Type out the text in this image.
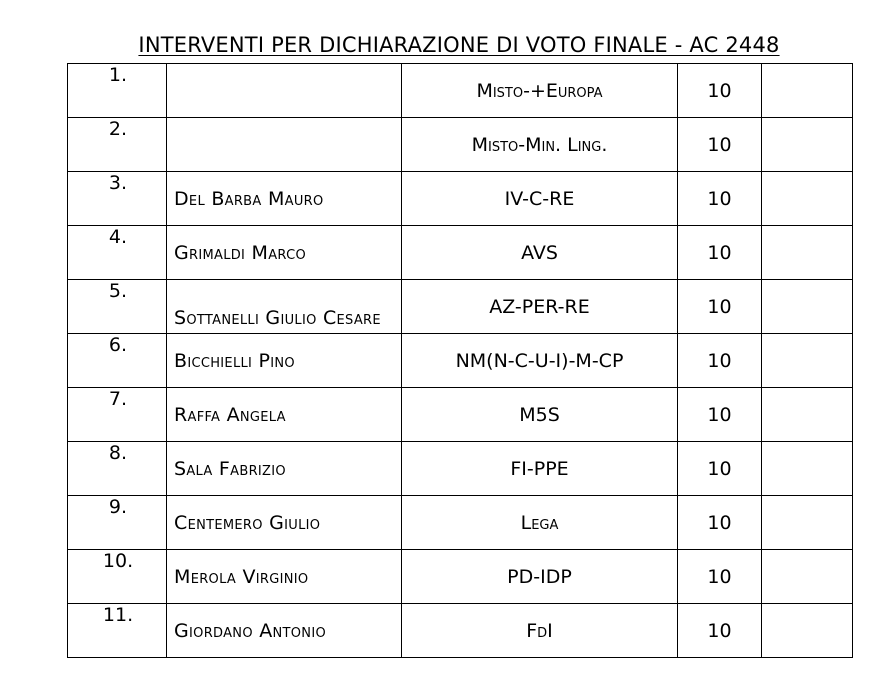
INTERVENTI PER DICHIARAZIONE DI VOTO FINALE - AC 2448
1.		Misto-+Europa	10	
2.		Misto-Min. Ling.	10	
3.	Del Barba Mauro	IV-C-RE	10	
4.	Grimaldi Marco	AVS	10	
5.	Sottanelli Giulio Cesare	AZ-PER-RE	10	
6.	Bicchielli Pino	NM(N-C-U-I)-M-CP	10	
7.	Raffa Angela	M5S	10	
8.	Sala Fabrizio	FI-PPE	10	
9.	Centemero Giulio	Lega	10	
10.	Merola Virginio	PD-IDP	10	
11.	Giordano Antonio	FdI	10	
